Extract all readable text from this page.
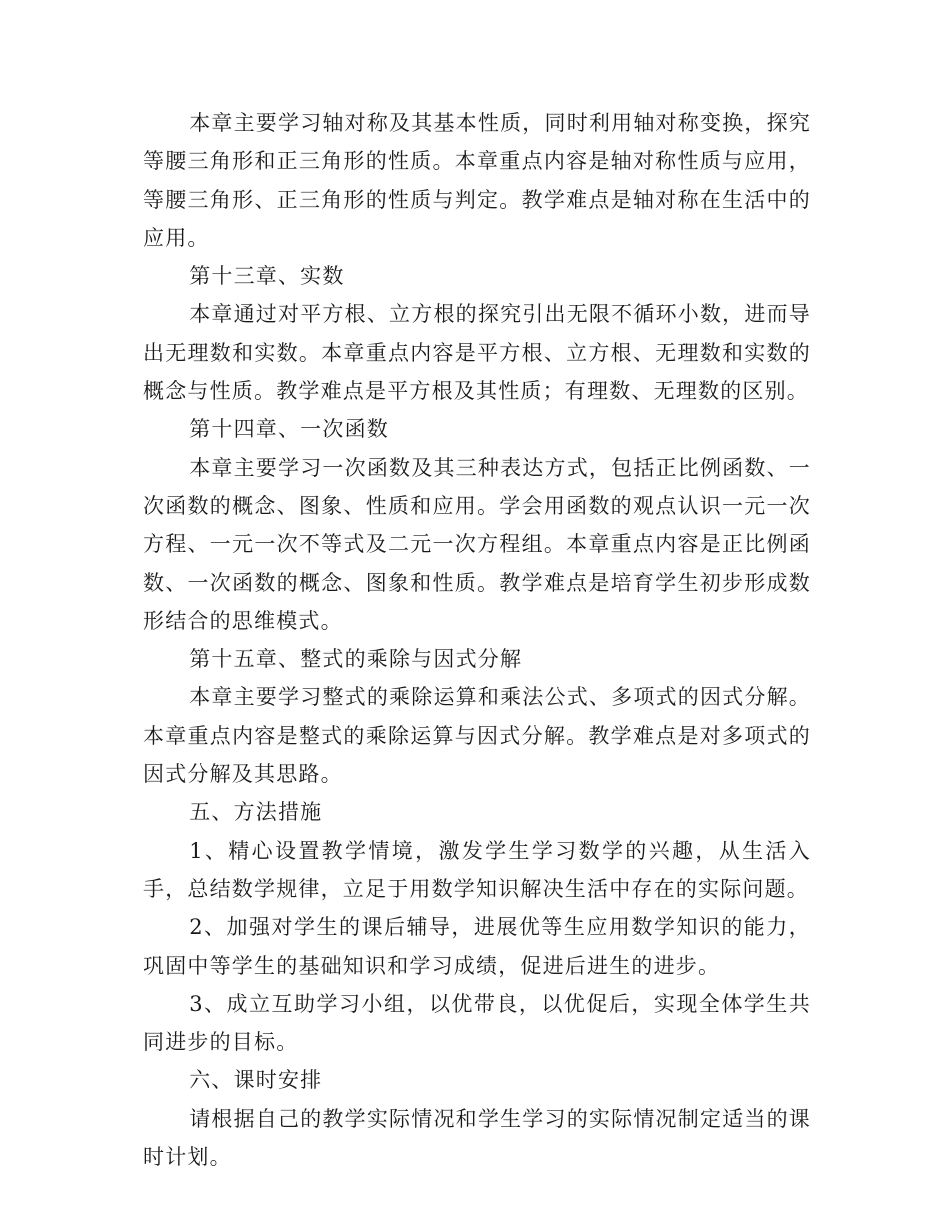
本章主要学习轴对称及其基本性质，同时利用轴对称变换，探究等腰三角形和正三角形的性质。本章重点内容是轴对称性质与应用，等腰三角形、正三角形的性质与判定。教学难点是轴对称在生活中的应用。

第十三章、实数

本章通过对平方根、立方根的探究引出无限不循环小数，进而导出无理数和实数。本章重点内容是平方根、立方根、无理数和实数的概念与性质。教学难点是平方根及其性质；有理数、无理数的区别。

第十四章、一次函数

本章主要学习一次函数及其三种表达方式，包括正比例函数、一次函数的概念、图象、性质和应用。学会用函数的观点认识一元一次方程、一元一次不等式及二元一次方程组。本章重点内容是正比例函数、一次函数的概念、图象和性质。教学难点是培育学生初步形成数形结合的思维模式。

第十五章、整式的乘除与因式分解

本章主要学习整式的乘除运算和乘法公式、多项式的因式分解。本章重点内容是整式的乘除运算与因式分解。教学难点是对多项式的因式分解及其思路。

五、方法措施

1、精心设置教学情境，激发学生学习数学的兴趣，从生活入手，总结数学规律，立足于用数学知识解决生活中存在的实际问题。

2、加强对学生的课后辅导，进展优等生应用数学知识的能力，巩固中等学生的基础知识和学习成绩，促进后进生的进步。

3、成立互助学习小组，以优带良，以优促后，实现全体学生共同进步的目标。

六、课时安排

请根据自己的教学实际情况和学生学习的实际情况制定适当的课时计划。
